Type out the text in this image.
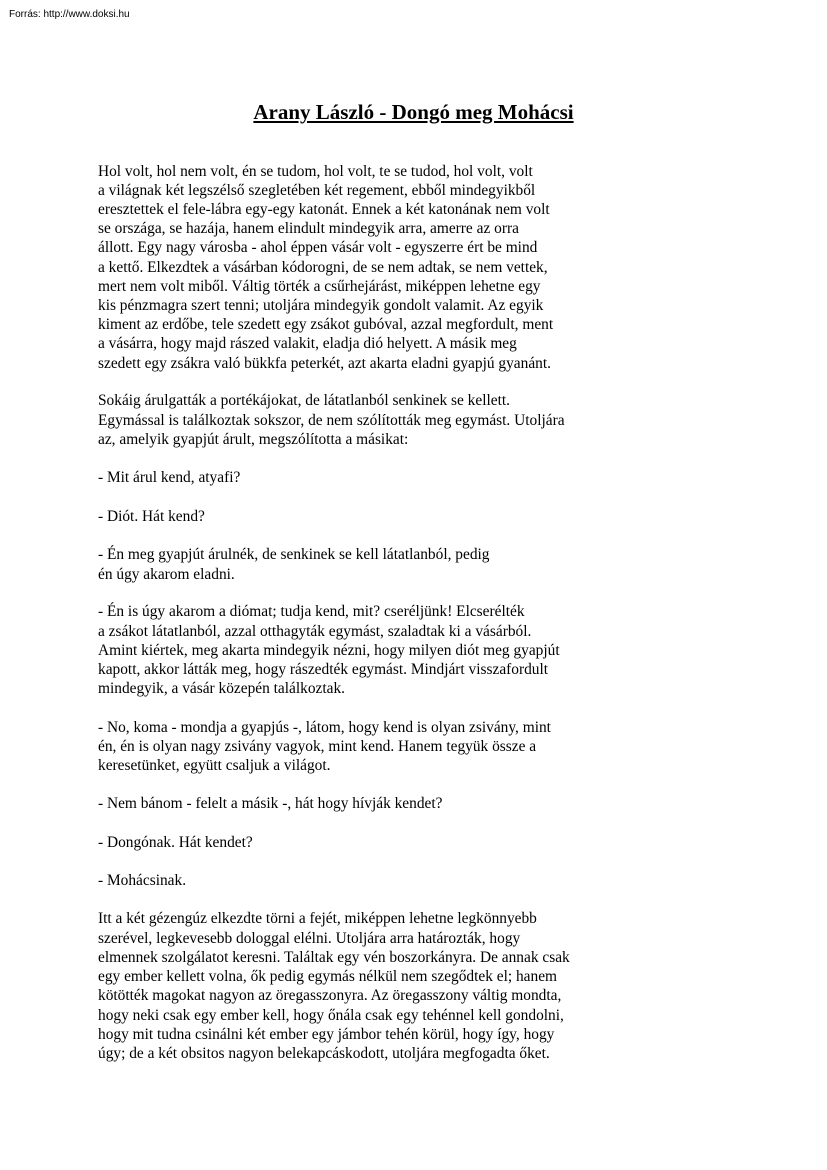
Forrás: http://www.doksi.hu
Arany László - Dongó meg Mohácsi
Hol volt, hol nem volt, én se tudom, hol volt, te se tudod, hol volt, volt
a világnak két legszélső szegletében két regement, ebből mindegyikből
eresztettek el fele-lábra egy-egy katonát. Ennek a két katonának nem volt
se országa, se hazája, hanem elindult mindegyik arra, amerre az orra
állott. Egy nagy városba - ahol éppen vásár volt - egyszerre ért be mind
a kettő. Elkezdtek a vásárban kódorogni, de se nem adtak, se nem vettek,
mert nem volt miből. Váltig törték a csűrhejárást, miképpen lehetne egy
kis pénzmagra szert tenni; utoljára mindegyik gondolt valamit. Az egyik
kiment az erdőbe, tele szedett egy zsákot gubóval, azzal megfordult, ment
a vásárra, hogy majd rászed valakit, eladja dió helyett. A másik meg
szedett egy zsákra való bükkfa peterkét, azt akarta eladni gyapjú gyanánt.
Sokáig árulgatták a portékájokat, de látatlanból senkinek se kellett.
Egymással is találkoztak sokszor, de nem szólították meg egymást. Utoljára
az, amelyik gyapjút árult, megszólította a másikat:
- Mit árul kend, atyafi?
- Diót. Hát kend?
- Én meg gyapjút árulnék, de senkinek se kell látatlanból, pedig
én úgy akarom eladni.
- Én is úgy akarom a diómat; tudja kend, mit? cseréljünk! Elcserélték
a zsákot látatlanból, azzal otthagyták egymást, szaladtak ki a vásárból.
Amint kiértek, meg akarta mindegyik nézni, hogy milyen diót meg gyapjút
kapott, akkor látták meg, hogy rászedték egymást. Mindjárt visszafordult
mindegyik, a vásár közepén találkoztak.
- No, koma - mondja a gyapjús -, látom, hogy kend is olyan zsivány, mint
én, én is olyan nagy zsivány vagyok, mint kend. Hanem tegyük össze a
keresetünket, együtt csaljuk a világot.
- Nem bánom - felelt a másik -, hát hogy hívják kendet?
- Dongónak. Hát kendet?
- Mohácsinak.
Itt a két gézengúz elkezdte törni a fejét, miképpen lehetne legkönnyebb
szerével, legkevesebb dologgal elélni. Utoljára arra határozták, hogy
elmennek szolgálatot keresni. Találtak egy vén boszorkányra. De annak csak
egy ember kellett volna, ők pedig egymás nélkül nem szegődtek el; hanem
kötötték magokat nagyon az öregasszonyra. Az öregasszony váltig mondta,
hogy neki csak egy ember kell, hogy őnála csak egy tehénnel kell gondolni,
hogy mit tudna csinálni két ember egy jámbor tehén körül, hogy így, hogy
úgy; de a két obsitos nagyon belekapcáskodott, utoljára megfogadta őket.
